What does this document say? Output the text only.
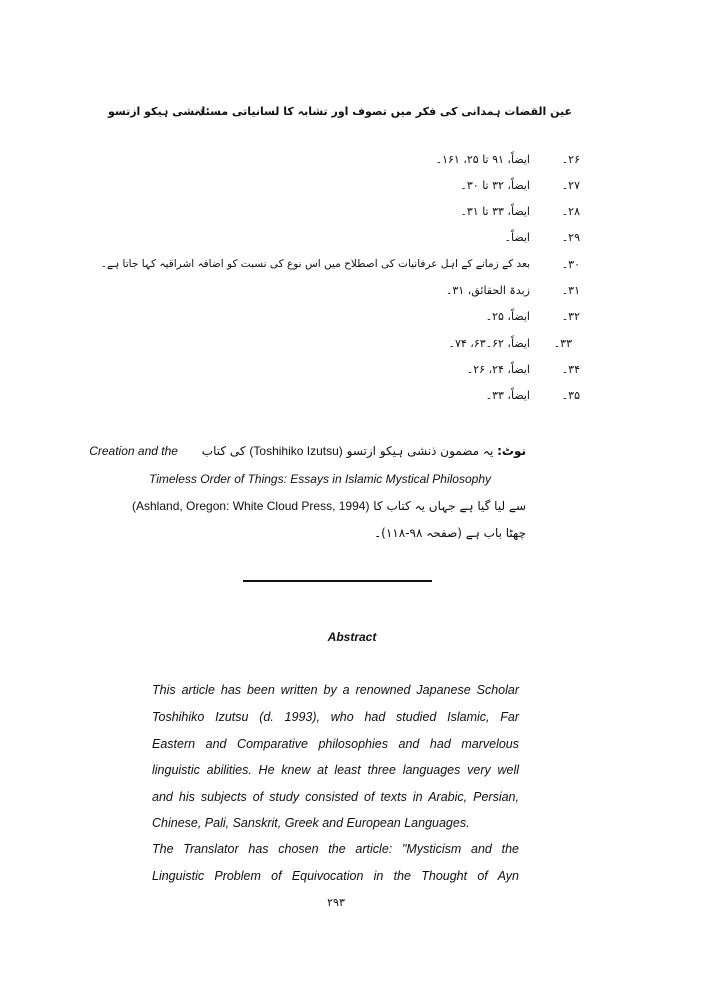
ذنشی ہیکو ازتسو
عین القضات ہمدانی کی فکر میں تصوف اور تشابہ کا لسانیاتی مسئلہ
۲۶۔
ایضاً، ۹۱ تا ۲۵، ۱۶۱۔
۲۷۔
ایضاً، ۳۲ تا ۳۰۔
۲۸۔
ایضاً، ۳۳ تا ۳۱۔
۲۹۔
ایضاً۔
۳۰۔
بعد کے زمانے کے اہل عرفانیات کی اصطلاح میں اس نوع کی نسبت کو اضافہ اشراقیہ کہا جاتا ہے۔
۳۱۔
زبدۃ الحقائق، ۳۱۔
۳۲۔
ایضاً، ۲۵۔
۳۳۔
ایضاً، ۶۲۔۶۳، ۷۴۔
۳۴۔
ایضاً، ۲۴، ۲۶۔
۳۵۔
ایضاً، ۳۳۔
نوٹ: یہ مضمون ذنشی ہیکو ازتسو (Toshihiko Izutsu) کی کتاب Creation and the
Timeless Order of Things: Essays in Islamic Mystical Philosophy
سے لیا گیا ہے جہاں یہ کتاب کا (Ashland, Oregon: White Cloud Press, 1994)
چھٹا باب ہے (صفحہ ۹۸-۱۱۸)۔
Abstract
This article has been written by a renowned Japanese Scholar
Toshihiko Izutsu (d. 1993), who had studied Islamic, Far
Eastern and Comparative philosophies and had marvelous
linguistic abilities. He knew at least three languages very well
and his subjects of study consisted of texts in Arabic, Persian,
Chinese, Pali, Sanskrit, Greek and European Languages.
The Translator has chosen the article: "Mysticism and the
Linguistic Problem of Equivocation in the Thought of Ayn
۲۹۳
